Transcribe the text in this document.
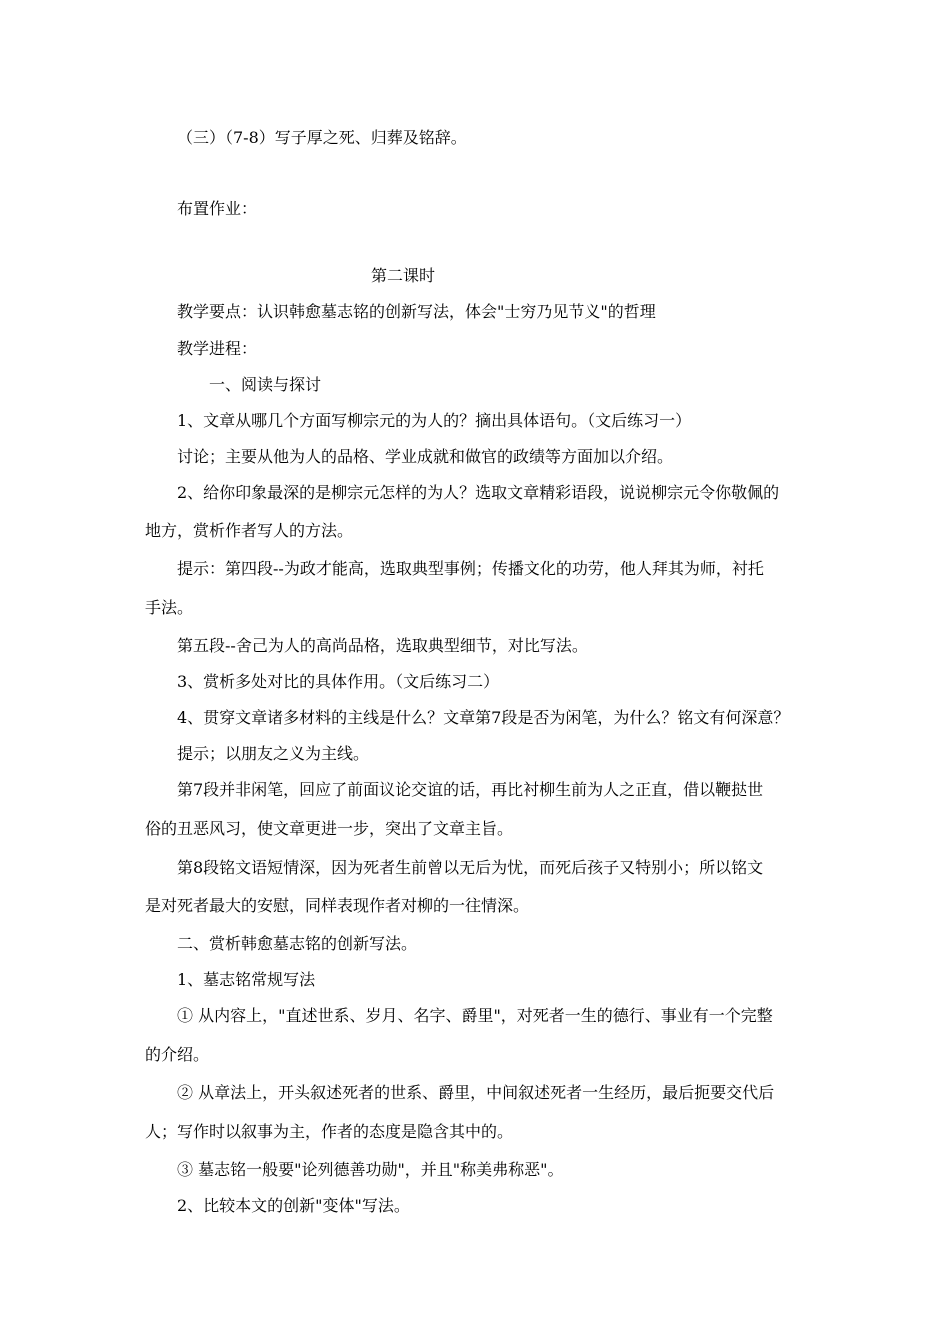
（三）（7-8）写子厚之死、归葬及铭辞。
布置作业：
第二课时
教学要点：认识韩愈墓志铭的创新写法，体会"士穷乃见节义"的哲理
教学进程：
一、阅读与探讨
1、文章从哪几个方面写柳宗元的为人的？摘出具体语句。（文后练习一）
讨论；主要从他为人的品格、学业成就和做官的政绩等方面加以介绍。
2、给你印象最深的是柳宗元怎样的为人？选取文章精彩语段，说说柳宗元令你敬佩的
地方，赏析作者写人的方法。
提示：第四段--为政才能高，选取典型事例；传播文化的功劳，他人拜其为师，衬托
手法。
第五段--舍己为人的高尚品格，选取典型细节，对比写法。
3、赏析多处对比的具体作用。（文后练习二）
4、贯穿文章诸多材料的主线是什么？文章第7段是否为闲笔，为什么？铭文有何深意？
提示；以朋友之义为主线。
第7段并非闲笔，回应了前面议论交谊的话，再比衬柳生前为人之正直，借以鞭挞世
俗的丑恶风习，使文章更进一步，突出了文章主旨。
第8段铭文语短情深，因为死者生前曾以无后为忧，而死后孩子又特别小；所以铭文
是对死者最大的安慰，同样表现作者对柳的一往情深。
二、赏析韩愈墓志铭的创新写法。
1、墓志铭常规写法
① 从内容上，"直述世系、岁月、名字、爵里"，对死者一生的德行、事业有一个完整
的介绍。
② 从章法上，开头叙述死者的世系、爵里，中间叙述死者一生经历，最后扼要交代后
人；写作时以叙事为主，作者的态度是隐含其中的。
③ 墓志铭一般要"论列德善功勋"，并且"称美弗称恶"。
2、比较本文的创新"变体"写法。
